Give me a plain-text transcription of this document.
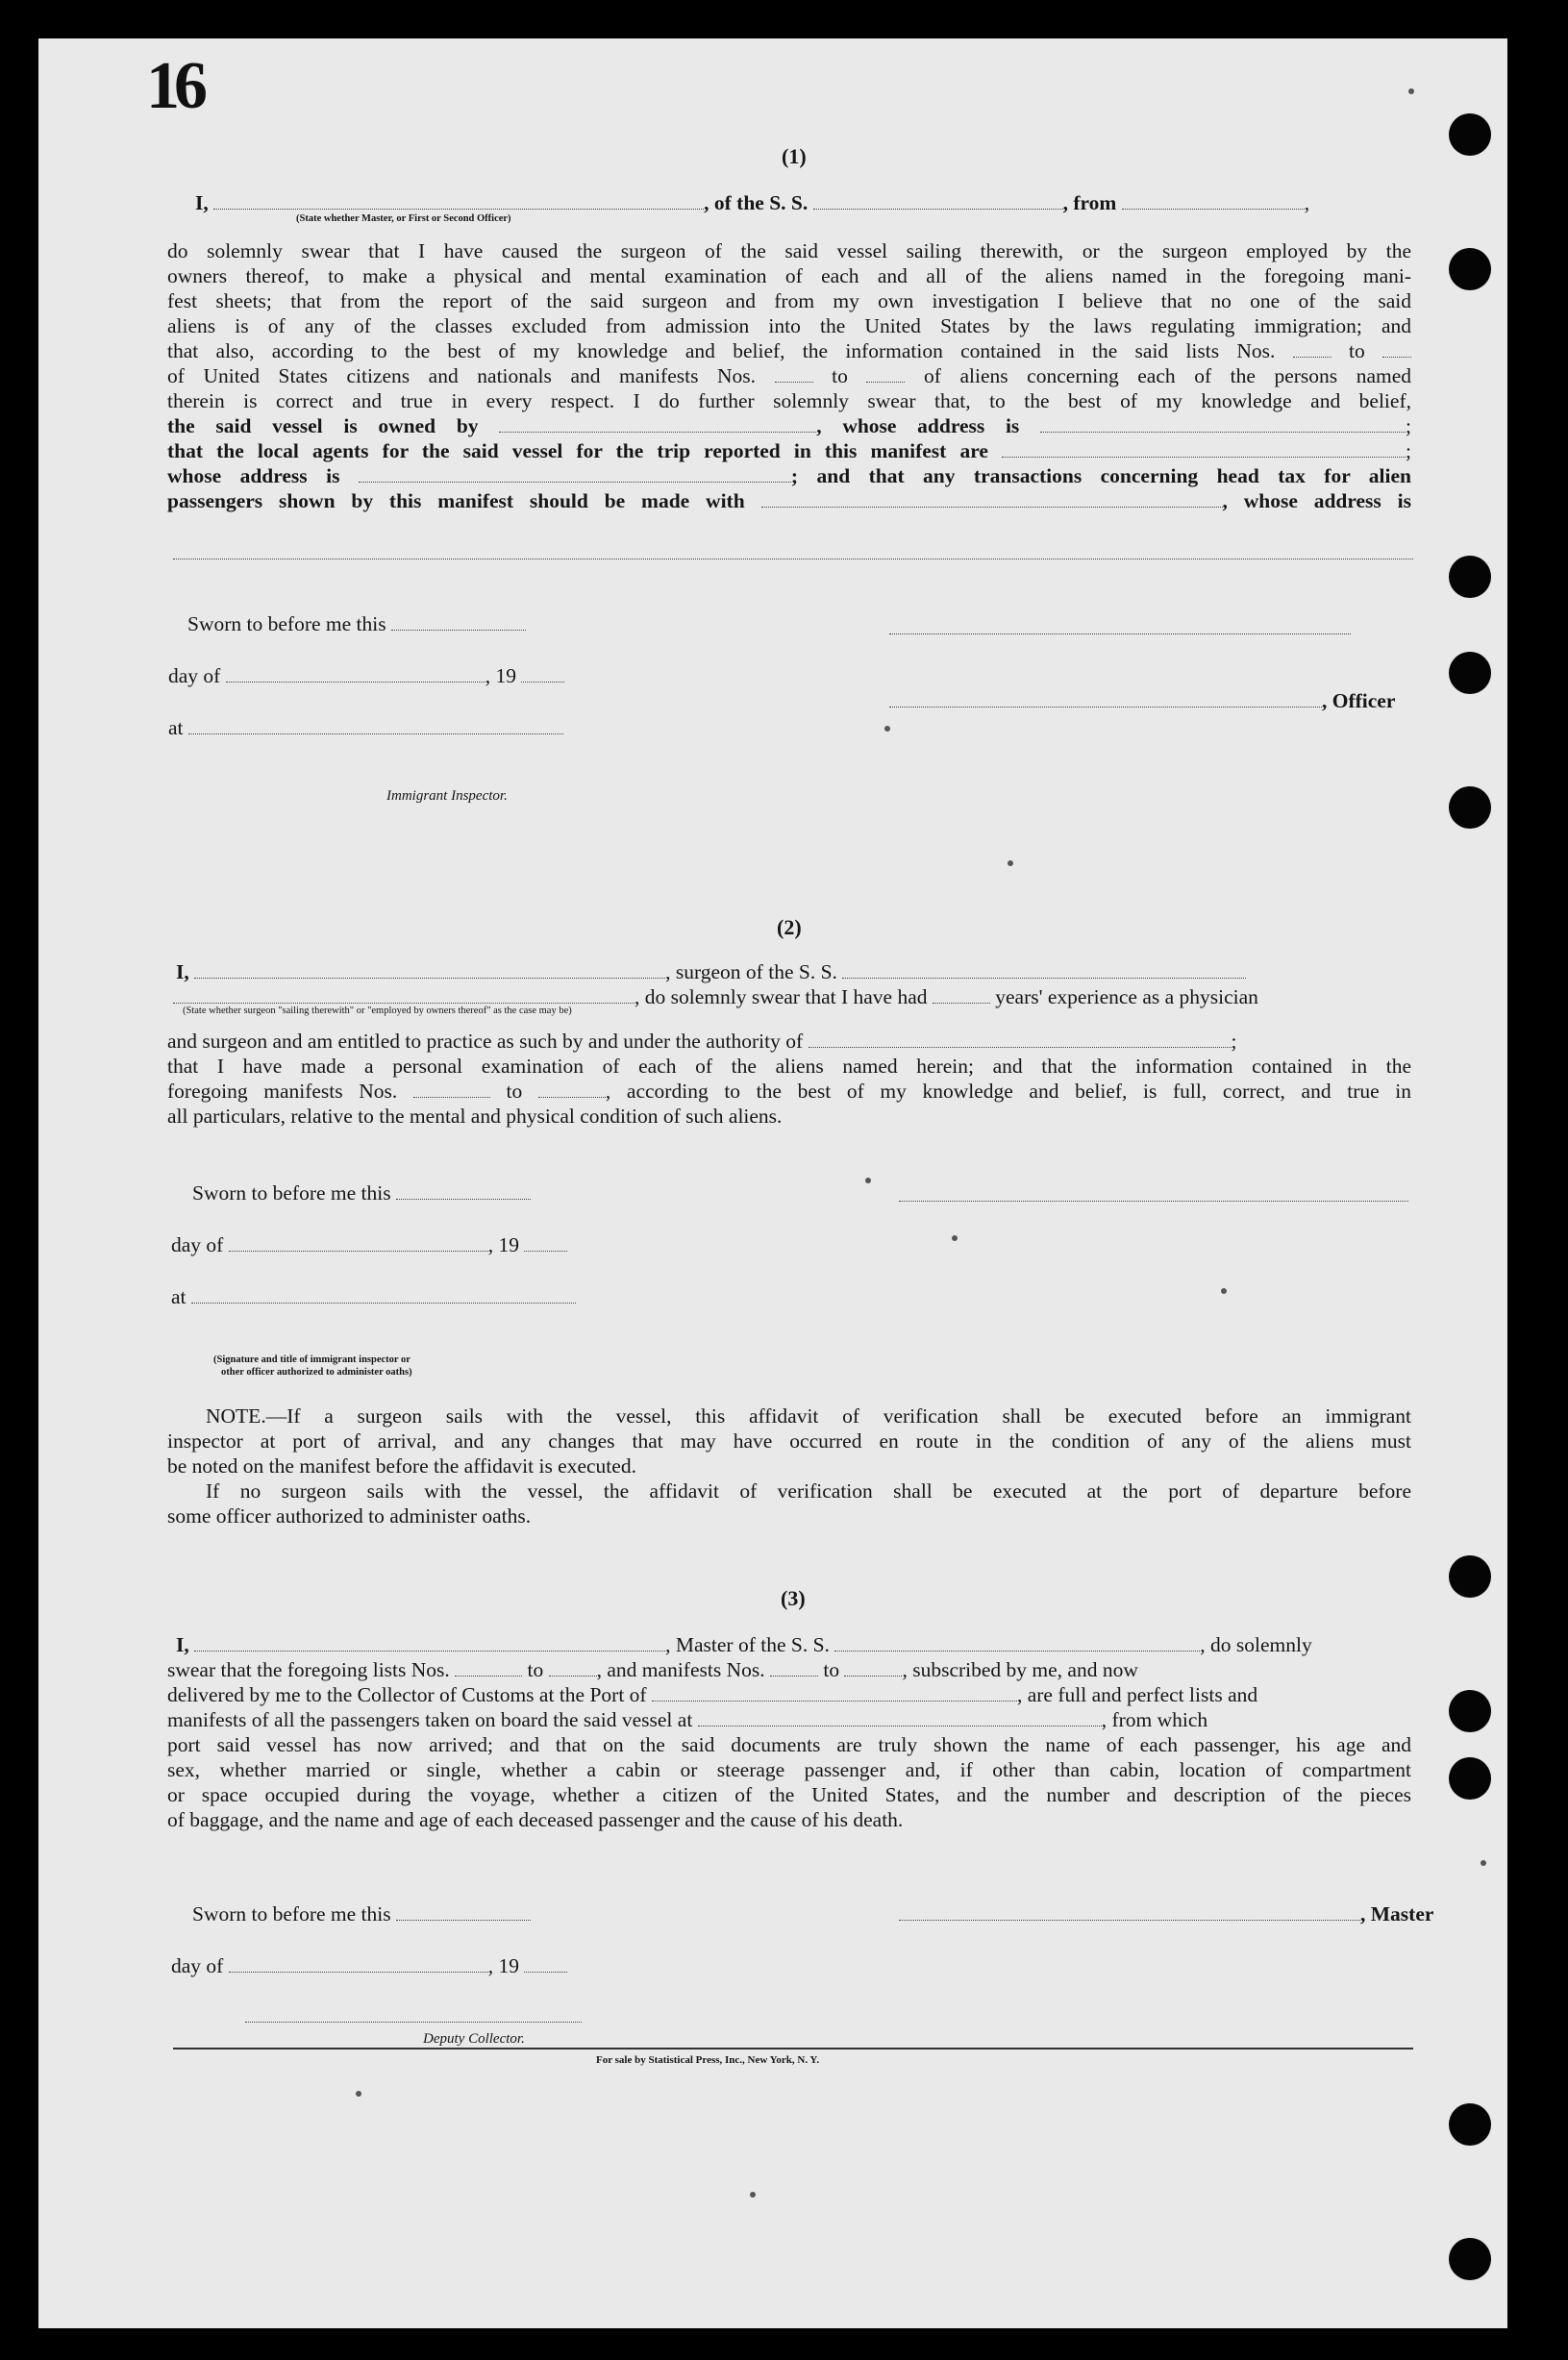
16
(1)
I,	, of the S. S.	, from	,
(State whether Master, or First or Second Officer)
do solemnly swear that I have caused the surgeon of the said vessel sailing therewith, or the surgeon employed by the
owners thereof, to make a physical and mental examination of each and all of the aliens named in the foregoing mani-
fest sheets; that from the report of the said surgeon and from my own investigation I believe that no one of the said
aliens is of any of the classes excluded from admission into the United States by the laws regulating immigration; and
that also, according to the best of my knowledge and belief, the information contained in the said lists Nos.	to
of United States citizens and nationals and manifests Nos.	to	of aliens concerning each of the persons named
therein is correct and true in every respect. I do further solemnly swear that, to the best of my knowledge and belief,
the said vessel is owned by	, whose address is	;
that the local agents for the said vessel for the trip reported in this manifest are	;
whose address is	; and that any transactions concerning head tax for alien
passengers shown by this manifest should be made with	, whose address is
Sworn to before me this
day of	, 19
, Officer
at
Immigrant Inspector.
(2)
I,	, surgeon of the S. S.
, do solemnly swear that I have had	years' experience as a physician
(State whether surgeon "sailing therewith" or "employed by owners thereof" as the case may be)
and surgeon and am entitled to practice as such by and under the authority of	;
that I have made a personal examination of each of the aliens named herein; and that the information contained in the
foregoing manifests Nos.	to	, according to the best of my knowledge and belief, is full, correct, and true in
all particulars, relative to the mental and physical condition of such aliens.
Sworn to before me this
day of	, 19
at
(Signature and title of immigrant inspector or
other officer authorized to administer oaths)
NOTE.—If a surgeon sails with the vessel, this affidavit of verification shall be executed before an immigrant
inspector at port of arrival, and any changes that may have occurred en route in the condition of any of the aliens must
be noted on the manifest before the affidavit is executed.
If no surgeon sails with the vessel, the affidavit of verification shall be executed at the port of departure before
some officer authorized to administer oaths.
(3)
I,	, Master of the S. S.	, do solemnly
swear that the foregoing lists Nos.	to	, and manifests Nos.	to	, subscribed by me, and now
delivered by me to the Collector of Customs at the Port of	, are full and perfect lists and
manifests of all the passengers taken on board the said vessel at	, from which
port said vessel has now arrived; and that on the said documents are truly shown the name of each passenger, his age and
sex, whether married or single, whether a cabin or steerage passenger and, if other than cabin, location of compartment
or space occupied during the voyage, whether a citizen of the United States, and the number and description of the pieces
of baggage, and the name and age of each deceased passenger and the cause of his death.
Sworn to before me this	, Master
day of	, 19
Deputy Collector.
For sale by Statistical Press, Inc., New York, N. Y.
